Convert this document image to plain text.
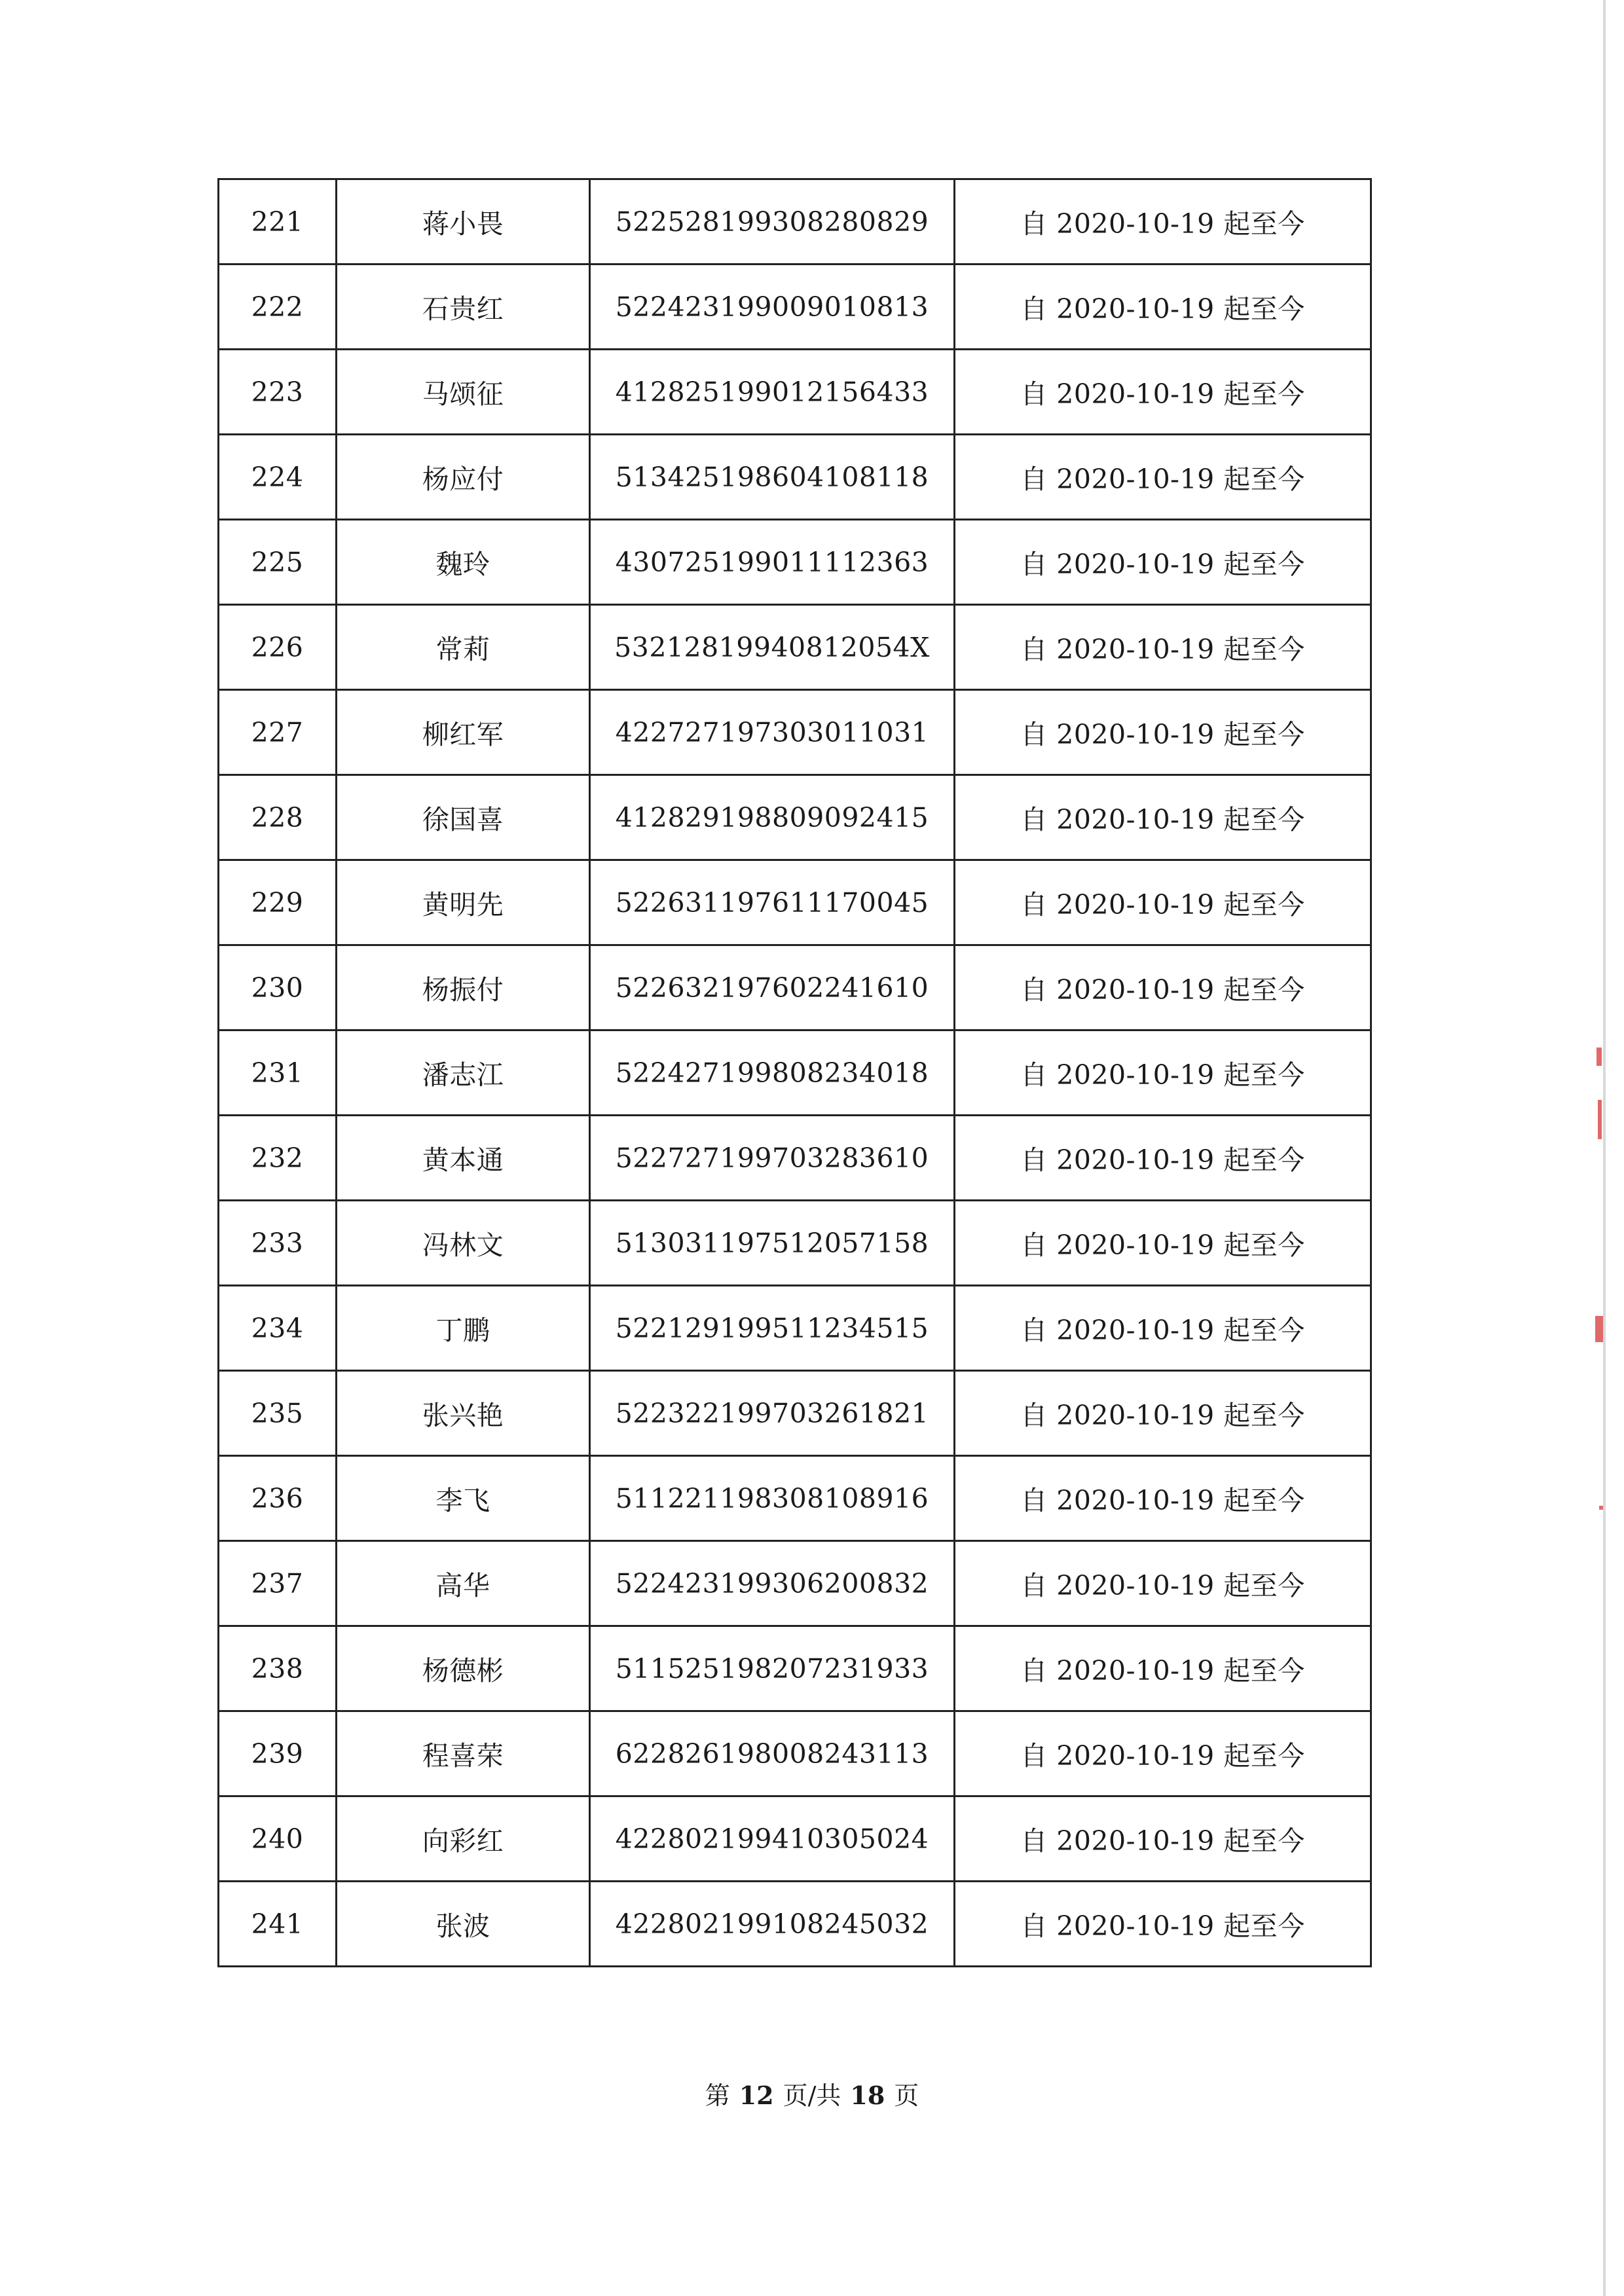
221	蒋小畏	522528199308280829	自 2020-10-19 起至今
222	石贵红	522423199009010813	自 2020-10-19 起至今
223	马颂征	412825199012156433	自 2020-10-19 起至今
224	杨应付	513425198604108118	自 2020-10-19 起至今
225	魏玲	430725199011112363	自 2020-10-19 起至今
226	常莉	53212819940812054X	自 2020-10-19 起至今
227	柳红军	422727197303011031	自 2020-10-19 起至今
228	徐国喜	412829198809092415	自 2020-10-19 起至今
229	黄明先	522631197611170045	自 2020-10-19 起至今
230	杨振付	522632197602241610	自 2020-10-19 起至今
231	潘志江	522427199808234018	自 2020-10-19 起至今
232	黄本通	522727199703283610	自 2020-10-19 起至今
233	冯林文	513031197512057158	自 2020-10-19 起至今
234	丁鹏	522129199511234515	自 2020-10-19 起至今
235	张兴艳	522322199703261821	自 2020-10-19 起至今
236	李飞	511221198308108916	自 2020-10-19 起至今
237	高华	522423199306200832	自 2020-10-19 起至今
238	杨德彬	511525198207231933	自 2020-10-19 起至今
239	程喜荣	622826198008243113	自 2020-10-19 起至今
240	向彩红	422802199410305024	自 2020-10-19 起至今
241	张波	422802199108245032	自 2020-10-19 起至今
第 12 页/共 18 页
